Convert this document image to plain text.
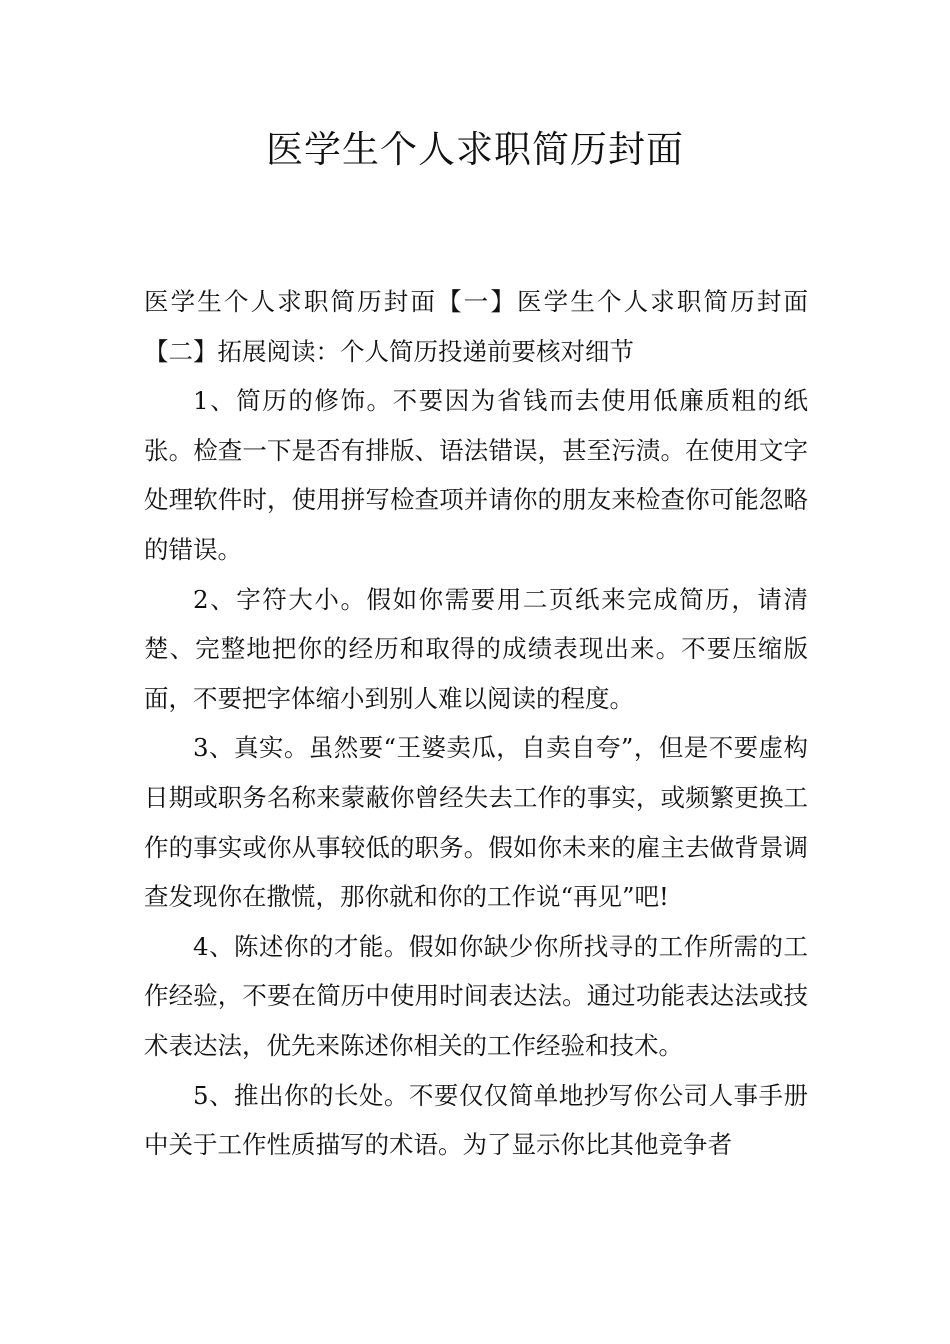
医学生个人求职简历封面

医学生个人求职简历封面【一】医学生个人求职简历封面【二】拓展阅读：个人简历投递前要核对细节

1、简历的修饰。不要因为省钱而去使用低廉质粗的纸张。检查一下是否有排版、语法错误，甚至污渍。在使用文字处理软件时，使用拼写检查项并请你的朋友来检查你可能忽略的错误。

2、字符大小。假如你需要用二页纸来完成简历，请清楚、完整地把你的经历和取得的成绩表现出来。不要压缩版面，不要把字体缩小到别人难以阅读的程度。

3、真实。虽然要“王婆卖瓜，自卖自夸”，但是不要虚构日期或职务名称来蒙蔽你曾经失去工作的事实，或频繁更换工作的事实或你从事较低的职务。假如你未来的雇主去做背景调查发现你在撒慌，那你就和你的工作说“再见”吧!

4、陈述你的才能。假如你缺少你所找寻的工作所需的工作经验，不要在简历中使用时间表达法。通过功能表达法或技术表达法，优先来陈述你相关的工作经验和技术。

5、推出你的长处。不要仅仅简单地抄写你公司人事手册中关于工作性质描写的术语。为了显示你比其他竞争者
